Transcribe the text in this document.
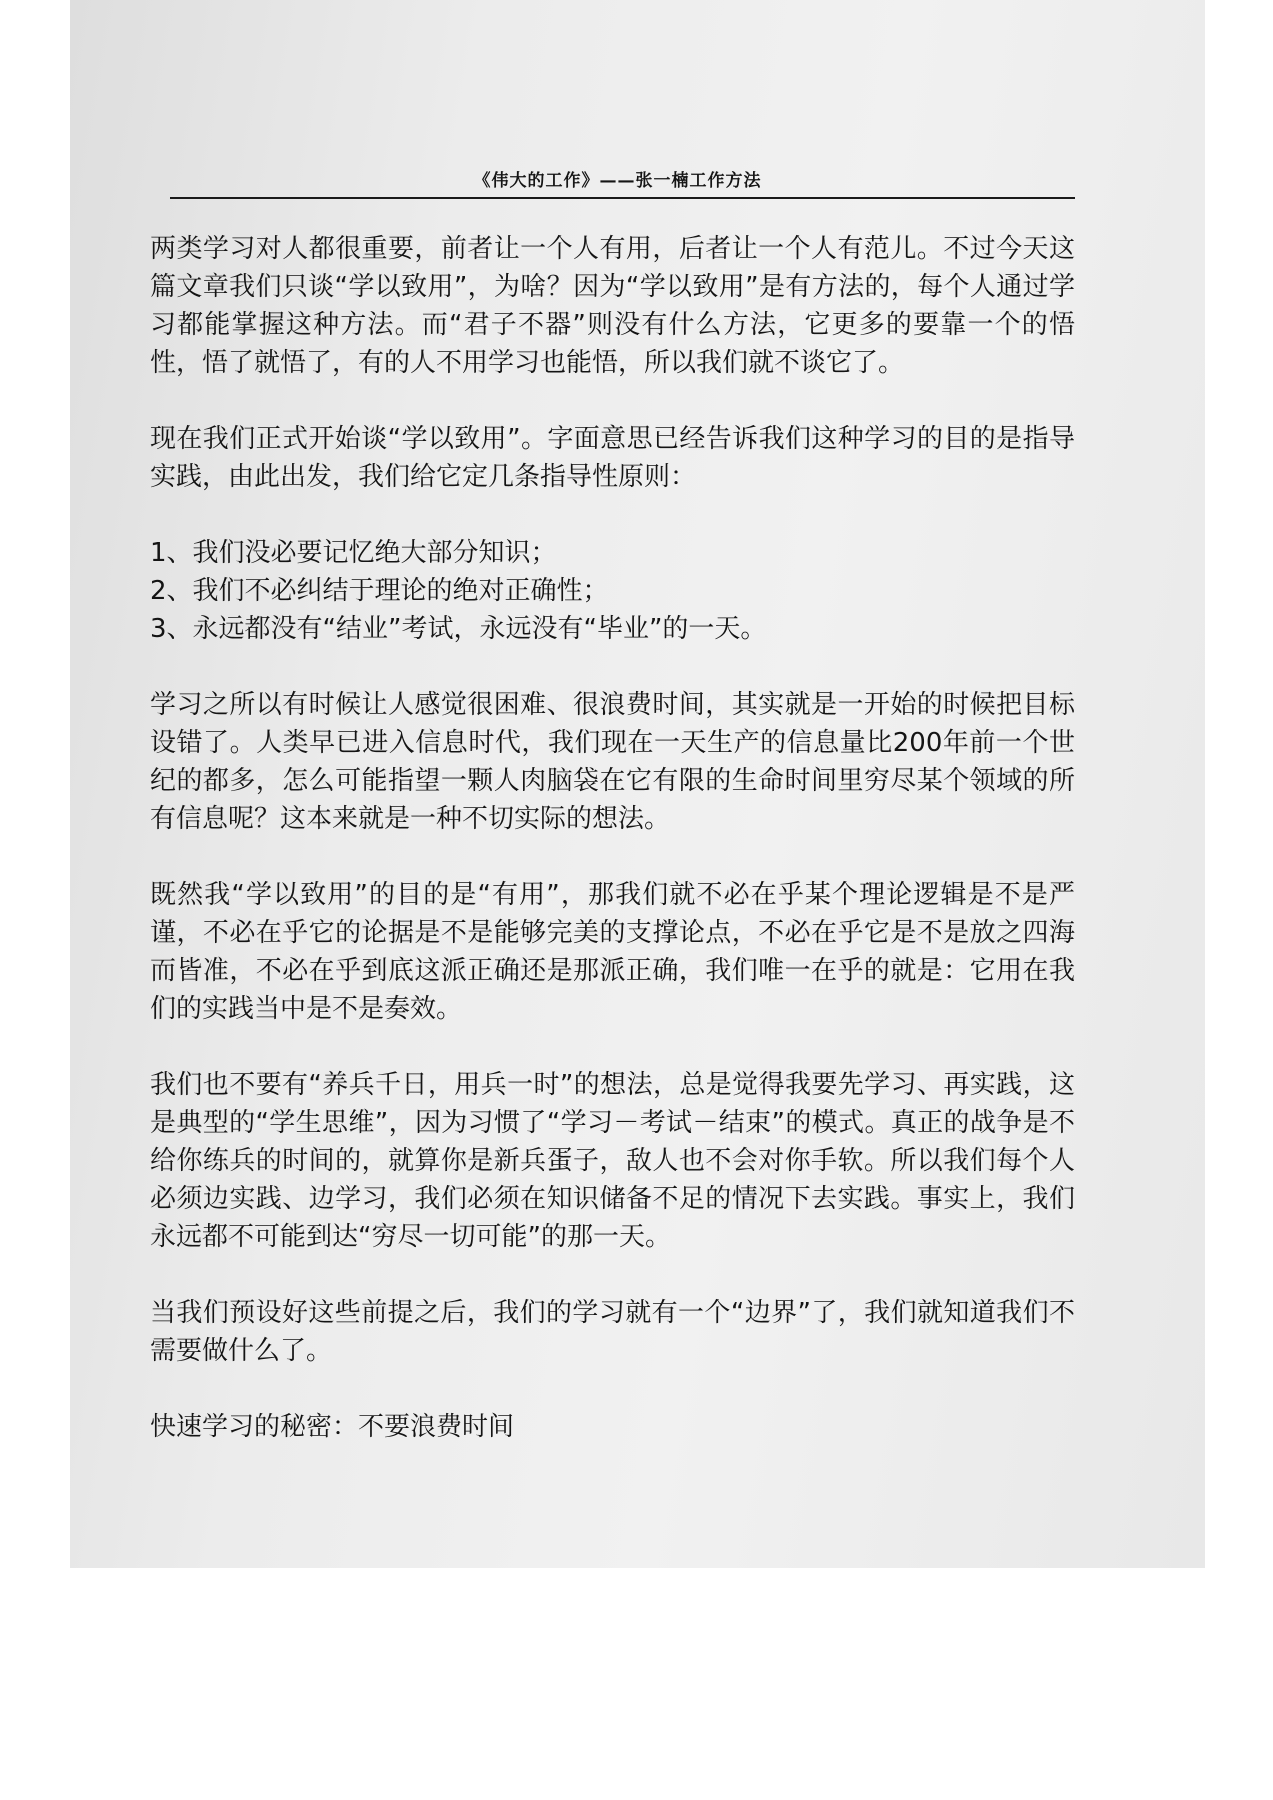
《伟大的工作》——张一楠工作方法

两类学习对人都很重要，前者让一个人有用，后者让一个人有范儿。不过今天这篇文章我们只谈“学以致用”，为啥？因为“学以致用”是有方法的，每个人通过学习都能掌握这种方法。而“君子不器”则没有什么方法，它更多的要靠一个的悟性，悟了就悟了，有的人不用学习也能悟，所以我们就不谈它了。

现在我们正式开始谈“学以致用”。字面意思已经告诉我们这种学习的目的是指导实践，由此出发，我们给它定几条指导性原则：

1、我们没必要记忆绝大部分知识；
2、我们不必纠结于理论的绝对正确性；
3、永远都没有“结业”考试，永远没有“毕业”的一天。

学习之所以有时候让人感觉很困难、很浪费时间，其实就是一开始的时候把目标设错了。人类早已进入信息时代，我们现在一天生产的信息量比200年前一个世纪的都多，怎么可能指望一颗人肉脑袋在它有限的生命时间里穷尽某个领域的所有信息呢？这本来就是一种不切实际的想法。

既然我“学以致用”的目的是“有用”，那我们就不必在乎某个理论逻辑是不是严谨，不必在乎它的论据是不是能够完美的支撑论点，不必在乎它是不是放之四海而皆准，不必在乎到底这派正确还是那派正确，我们唯一在乎的就是：它用在我们的实践当中是不是奏效。

我们也不要有“养兵千日，用兵一时”的想法，总是觉得我要先学习、再实践，这是典型的“学生思维”，因为习惯了“学习－考试－结束”的模式。真正的战争是不给你练兵的时间的，就算你是新兵蛋子，敌人也不会对你手软。所以我们每个人必须边实践、边学习，我们必须在知识储备不足的情况下去实践。事实上，我们永远都不可能到达“穷尽一切可能”的那一天。

当我们预设好这些前提之后，我们的学习就有一个“边界”了，我们就知道我们不需要做什么了。

快速学习的秘密：不要浪费时间
